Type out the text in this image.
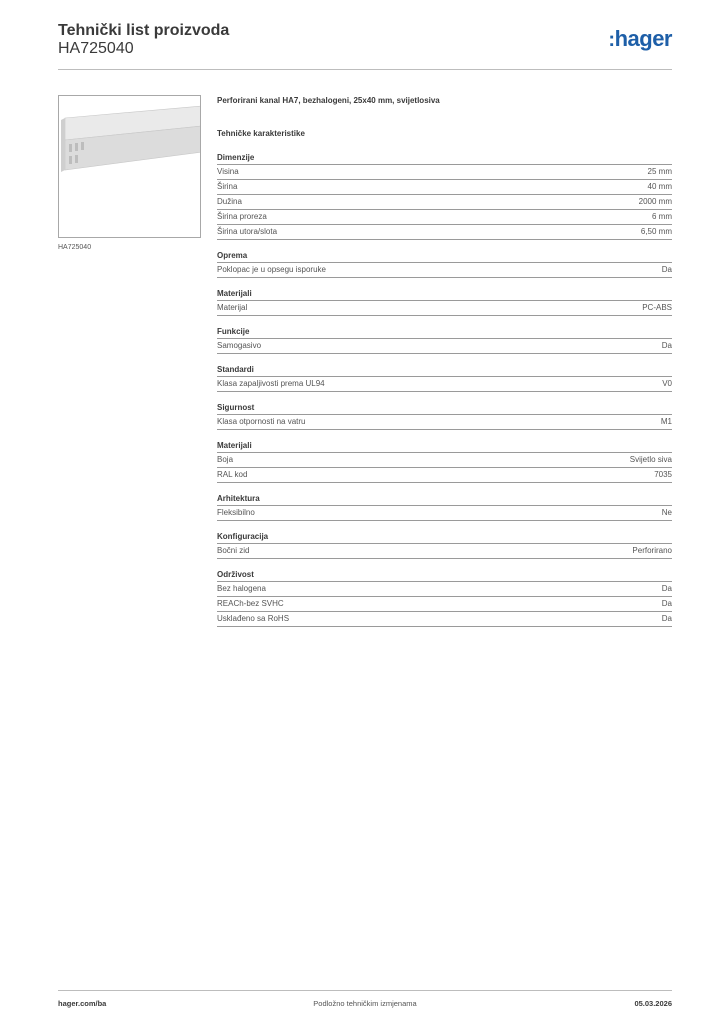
Tehnički list proizvoda
HA725040	:hager
HA725040
Perforirani kanal HA7, bezhalogeni, 25x40 mm, svijetlosiva
Tehničke karakteristike
Dimenzije
Visina	25 mm
Širina	40 mm
Dužina	2000 mm
Širina proreza	6 mm
Širina utora/slota	6,50 mm
Oprema
Poklopac je u opsegu isporuke	Da
Materijali
Materijal	PC-ABS
Funkcije
Samogasivo	Da
Standardi
Klasa zapaljivosti prema UL94	V0
Sigurnost
Klasa otpornosti na vatru	M1
Materijali
Boja	Svijetlo siva
RAL kod	7035
Arhitektura
Fleksibilno	Ne
Konfiguracija
Bočni zid	Perforirano
Održivost
Bez halogena	Da
REACh-bez SVHC	Da
Usklađeno sa RoHS	Da
hager.com/ba	Podložno tehničkim izmjenama	05.03.2026
